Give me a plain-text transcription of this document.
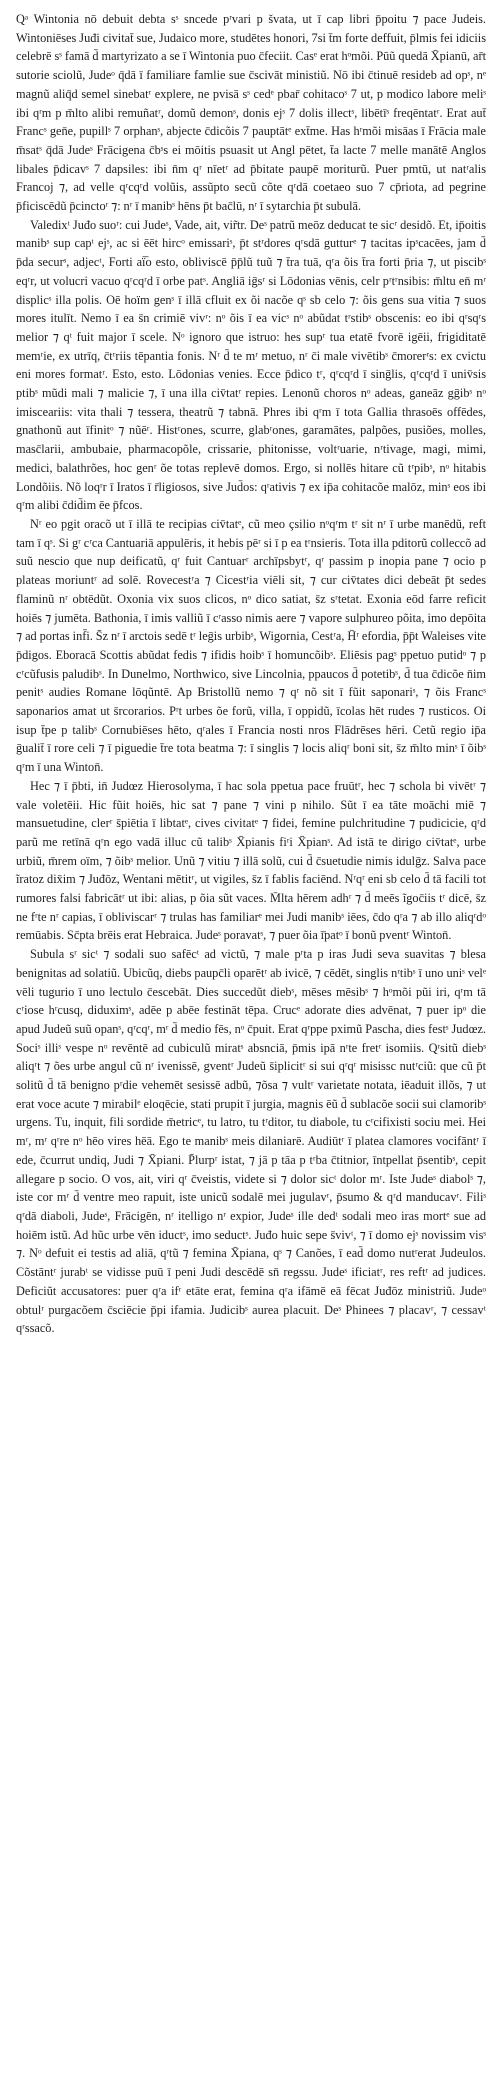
Qᵃ Wintonia nō debuit debta sˢ sncede pʳvari p švata, ut ī cap libri p̄poitu ⁊ pace Judeis. Wintoniēses Juđi civitat̄ sue, Judaico more, studētes honori, 7si t̄m forte deffuit, p̄lmis fei idiciis celebrē sˢ famā d̄ martyrizato a se ī Wintonia puo c̄feciit. Casᵉ erat hᵒmõi. Pūũ quedā X̄pianū, ar̄t sutorie sciolũ, Judeᵒ q̄dā ī familiare famlie sue c̄scivāt ministiũ. Nō ibi c̄tinuē resideb ad opˢ, nᵉ magnũ aliq̄d semel sinebatʳ explere, ne pvisā sˢ cedᵉ pbar̄ cohitacoˢ 7 ut, p modico labore meliˢ ibi qʳm p m̄lto alibi remuñatʳ, domũ demonˢ, donis ejˢ 7 dolis illectˢ, libētīˢ freqēntatʳ. Erat aut̄ Francˢ gen̄e, pupillˢ 7 orphanˢ, abjecte c̄dicõis 7 pauptātᵉ ext̄me. Has hʳmõi misāas ī Frācia male m̄satˢ q̄dā Judeˢ Frācigena c̄bˢs ei mōitis psuasit ut Angl pētet, t̄a lacte 7 melle manātē Anglos libales p̄dicavˢ 7 dapsiles: ibi n̄m qʳ nīetʳ ad p̄bitate paupē moriturũ. Puer pmtū, ut natʳalis Francoj ⁊, ad velle qʳcqʳd volũis, assũpto secũ cõte qʳdā coetaeo suo 7 cp̄riota, ad pegrine p̄ficiscēdũ p̄cinctoʳ ⁊: nʳ ī manibˢ hēns p̄t bac̄lū, nʳ ī sytarchia p̄t subulā.

Valedixᵗ Juđo suoʳ: cui Judeˢ, Vade, ait, vir̃tr. Deˢ patrũ meōz deducat te sicʳ desidõ. Et, ip̄oitis manibˢ sup capᵗ ejˢ, ac si ēēt hircᵒ emissariˢ, p̄t stʳdores qʳsdā gutturᵉ ⁊ tacitas ipˢcacēes, jam d̄ p̄da securˢ, adjecᵗ, Forti aï̅o esto, obliviscē p̄p̄lũ tuũ ⁊ t̄ra tuā, qʳa õis t̄ra forti p̄ria ⁊, ut piscibˢ eqʳr, ut volucri vacuo qʳcqʳd ī orbe patˢ. Angliā iḡsʳ si Lōdonias vēnis, celr pʳtʳnsibis: m̄ltu en̄ mʳ displicˢ illa polis. Oē hoïm genˢ ī illā cfluit ex õi nacõe qˢ sb celo ⁊: õis gens sua vitia ⁊ suos mores itulīt. Nemo ī ea s̄n crimiē vivʳ: nᵒ õis ī ea vicˢ nᵒ abũdat tʳstibˢ obscenis: eo ibi qʳsqʳs melior ⁊ qᵗ fuit major ī scele. Nᵒ ignoro que istruo: hes supʳ tua etatē fvorē igēii, frigiditatē memʳie, ex utrīq, c̄tʳriis tēpantia fonis. Nʳ d̄ te mʳ metuo, nʳ c̄i male vivētibˢ c̄morerʳs: ex cvictu eni mores formatʳ. Esto, esto. Lōdonias venies. Ecce p̄dico tʳ, qʳcqʳd ī sinḡlis, qʳcqʳd ī univ̄sis ptibˢ mũdi mali ⁊ malicie ⁊, ī una illa civ̄tatʳ repies. Lenonũ choros nᵒ adeas, ganeāz gḡibˢ nᵒ imisceariis: vita thali ⁊ tessera, theatrũ ⁊ tabnā. Phres ibi qʳm ī tota Gallia thrasoēs offēdes, gnathonũ aut īfinitᵒ ⁊ nũēʳ. Histʳones, scurre, glabʳones, garamātes, palpões, pusiões, molles, masc̄larii, ambubaie, pharmacopõle, crissarie, phitonisse, voltʳuarie, nʳtivage, magi, mimi, medici, balathrões, hoc genʳ õe totas replevē domos. Ergo, si nollēs hitare cũ tʳpibˢ, nᵒ hitabis Londõiis. Nõ loqʳr ī Iratos ī r̄ligiosos, sive Jud̄os: qʳativis ⁊ ex ip̄a cohitacõe malōz, minˢ eos ibi qʳm alibi c̄did̄im ēe p̄fcos.

Nʳ eo pgit oracõ ut ī illā te recipias civ̄tatᵉ, cũ meo çsilio nᵒqʳm tʳ sit nʳ ī urbe manēdũ, reft tam ī qˢ. Si gʳ cʳca Cantuariā appulēris, it hebis pēʳ si ī p ea tʳnsieris. Tota illa pditorũ colleccõ ad suũ nescio que nup deificatũ, qʳ fuit Cantuarʳ archīpsbytʳ, qʳ passim p inopia pane ⁊ ocio p plateas moriuntʳ ad solē. Rovecestʳa ⁊ Cicestʳia viēli sit, ⁊ cur civ̄tates dici debeāt p̄t sedes flaminũ nʳ obtēdũt. Oxonia vix suos clicos, nᵒ dico satiat, s̄z sʳtetat. Exonia eōd farre reficit hoiēs ⁊ jumēta. Bathonia, ī imis valliũ ī cʳasso nimis aere ⁊ vapore sulphureo põita, imo depōita ⁊ ad portas inf̄i. S̄z nʳ ī arctois sedē tʳ leḡis urbibˢ, Wigornia, Cestʳa, H̄ʳ efordia, p̄p̄t Waleises vite p̄digos. Eboracā Scottis abũdat fedis ⁊ ifidis hoibˢ ī homuncõibˢ. Eliēsis pagˢ ppetuo putidᵒ ⁊ p cʳcũfusis paludibˢ. In Dunelmo, Northwico, sive Lincolnia, ppaucos d̄ potetibˢ, d̄ tua c̄dicõe n̄im penitˢ audies Romane lōqũntē. Ap Bristollũ nemo ⁊ qʳ nõ sit ī fũit saponariˢ, ⁊ õis Francˢ saponarios amat ut s̄rcorarios. Pʳt urbes õe forũ, villa, ī oppidũ, īcolas hēt rudes ⁊ rusticos. Oi isup t̄pe p talibˢ Cornubiēses hēto, qʳales ī Francia nosti nros Flādrēses hēri. Cetũ regio ip̄a ḡualit̄ ī rore celi ⁊ ī piguedie t̄re tota beatma ⁊: ī singlis ⁊ locis aliqʳ boni sit, s̄z m̄lto minˢ ī õibˢ qʳm ī una Winton̄.

Hec ⁊ ī p̄bti, in̄ Judœz Hierosolyma, ī hac sola ppetua pace fruūtʳ, hec ⁊ schola bi vivētʳ ⁊ vale voletēii. Hic fũit hoiēs, hic sat ⁊ pane ⁊ vini p nihilo. Sũt ī ea tāte moāchi miē ⁊ mansuetudine, clerʳ s̄piētia ī libtatᵉ, cives civitatᵉ ⁊ fidei, femine pulchritudine ⁊ pudicicie, qʳd parũ me retīnā qʳn ego vadā illuc cũ talibˢ X̄pianis fiʳi X̄pianˢ. Ad istā te dirigo civ̄tatᵉ, urbe urbiũ, m̄rem oïm, ⁊ õibˢ melior. Unũ ⁊ vitiu ⁊ illā solũ, cui d̄ c̄suetudie nimis idulḡz. Salva pace ĩratoz dix̄im ⁊ Juđōz, Wentani mētitʳ, ut vigiles, s̄z ī fablis faciēnd. Nʳqʳ eni sb celo d̄ tā facili tot rumores falsi fabricātʳ ut ibi: alias, p õia sũt vaces. M̄lta hērem adhʳ ⁊ d̄ meēs ĩgoc̄iis tʳ dicē, s̄z ne fʳte nʳ capias, ī obliviscarʳ ⁊ trulas has familiarᵉ mei Judi manibˢ iēes, c̄do qʳa ⁊ ab illo aliqʳdᵒ remūabis. Sc̄pta brēis erat Hebraica. Judeˢ poravatˢ, ⁊ puer õia ī̄patᵒ ī bonũ pventʳ Winton̄.

Subula sʳ sicᵗ ⁊ sodali suo safēcᵗ ad victũ, ⁊ male pʳta p iras Judi seva suavitas ⁊ blesa benignitas ad solatiũ. Ubicũq, diebs paupc̄li oparētʳ ab ivicē, ⁊ cēdēt, singlis nʳtibˢ ī uno uniˢ velᵉ vēli tugurio ī uno lectulo c̄escebāt. Dies succedũt diebˢ, mēses mēsibˢ ⁊ hᵒmõi pũi iri, qʳm tā cʳiose hʳcusq, diduximˢ, adēe p abēe festināt tēpa. Crucᵉ adorate dies advēnat, ⁊ puer ipᵒ die apud Judeũ suũ opanˢ, qʳcqʳ, mʳ d̄ medio fēs, nᵒ c̄puit. Erat qʳppe pximũ Pascha, dies festˢ Judœz. Sociˢ illiˢ vespe nᵒ revēntē ad cubiculũ miratˢ absnciā, p̄mis ipā nʳte fretʳ isomiis. Qʳsitũ diebˢ aliqʳt ⁊ ões urbe angul cũ nʳ ivenissē, gventʳ Judeũ s̄iplicitʳ si sui qʳqʳ misissc nutʳciũ: que cũ p̄t solitũ d̄ tā benigno pʳdie vehemēt sesissē adbũ, ⁊õsa ⁊ vultʳ varietate notata, iēaduit illõs, ⁊ ut erat voce acute ⁊ mirabilᵉ eloqēcie, stati prupit ī jurgia, magnis ēũ d̄ sublacõe socii sui clamoribˢ urgens. Tu, inquit, fili sordide m̄etricᵉ, tu latro, tu tʳditor, tu diabole, tu cʳcifixisti sociu mei. Hei mʳ, mʳ qʳre nᵒ hēo vires hēā. Ego te manibˢ meis dilaniarē. Audiūtʳ ī platea clamores vocifāntʳ ī ede, c̄currut undiq, Judi ⁊ X̄piani. P̄lurpʳ istat, ⁊ jā p tāa p tʳba c̄titnior, īntpellat p̄sentibˢ, cepit allegare p socio. O vos, ait, viri qʳ c̄veistis, videte si ⁊ dolor sicᵗ dolor mʳ. Iste Judeˢ diabolˢ ⁊, iste cor mʳ d̄ ventre meo rapuit, iste unicũ sodalē mei jugulavʳ, p̄sumo & qʳd manducavʳ. Filiˢ qʳdā diaboli, Judeˢ, Frācigēn, nʳ itelligo nʳ expior, Judeˢ ille dedᵗ sodali meo iras mortᵉ sue ad hoiēm istũ. Ad hũc urbe vēn iductˢ, imo seductˢ. Juđo huic sepe s̄vivᵗ, ⁊ ī domo ejˢ novissim visˢ ⁊. Nᵒ defuit ei testis ad aliā, qʳtũ ⁊ femina X̄piana, qˢ ⁊ Canões, ī ead̄ domo nutʳerat Judeulos. Cõstāntʳ jurabᵗ se vidisse puū ī peni Judi descēdē sn̄ regssu. Judeˢ ificiatʳ, res reftʳ ad judices. Deficiũt accusatores: puer qʳa ifʳ etāte erat, femina qʳa ifāmē eā fēcat Juđōz ministriũ. Judeᵒ obtulʳ purgacõem c̄sciēcie p̄pi ifamia. Judicibˢ aurea placuit. Deˢ Phinees ⁊ placavʳ, ⁊ cessavᵗ qʳssacõ.
